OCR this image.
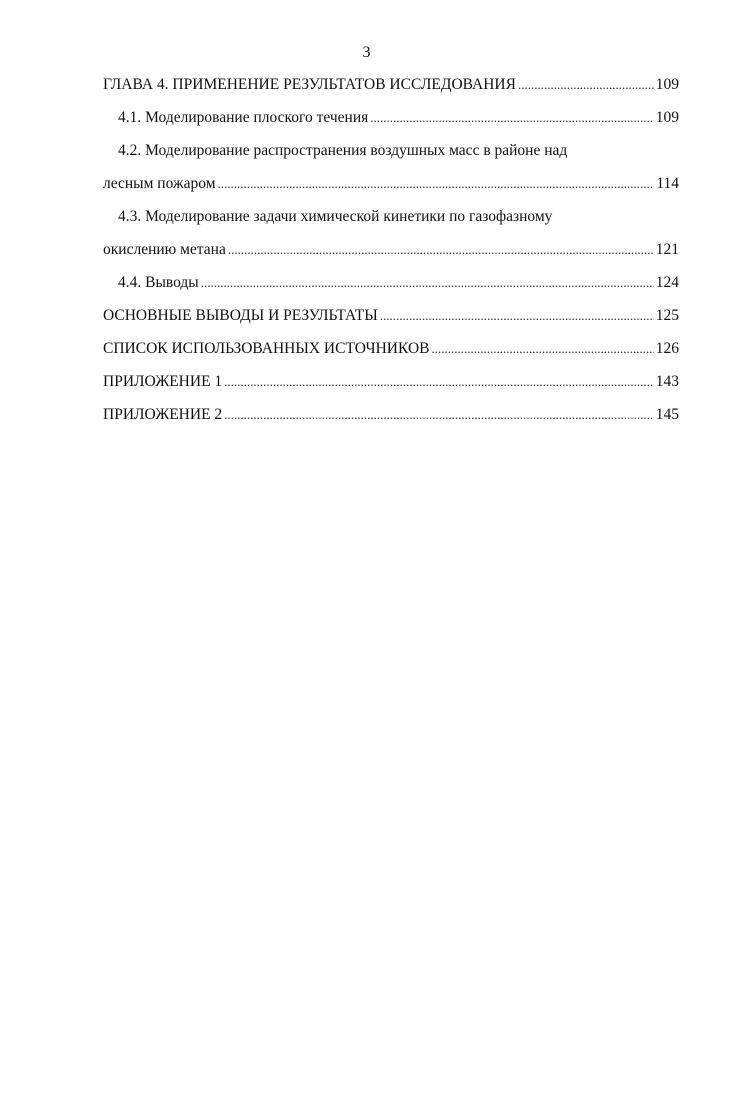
3
ГЛАВА 4. ПРИМЕНЕНИЕ РЕЗУЛЬТАТОВ ИССЛЕДОВАНИЯ .....	109
4.1. Моделирование плоского течения .....	109
4.2. Моделирование распространения воздушных масс в районе над
лесным пожаром .....	114
4.3. Моделирование задачи химической кинетики по газофазному
окислению метана .....	121
4.4. Выводы .....	124
ОСНОВНЫЕ ВЫВОДЫ И РЕЗУЛЬТАТЫ .....	125
СПИСОК ИСПОЛЬЗОВАННЫХ ИСТОЧНИКОВ .....	126
ПРИЛОЖЕНИЕ 1 .....	143
ПРИЛОЖЕНИЕ 2 .....	145
